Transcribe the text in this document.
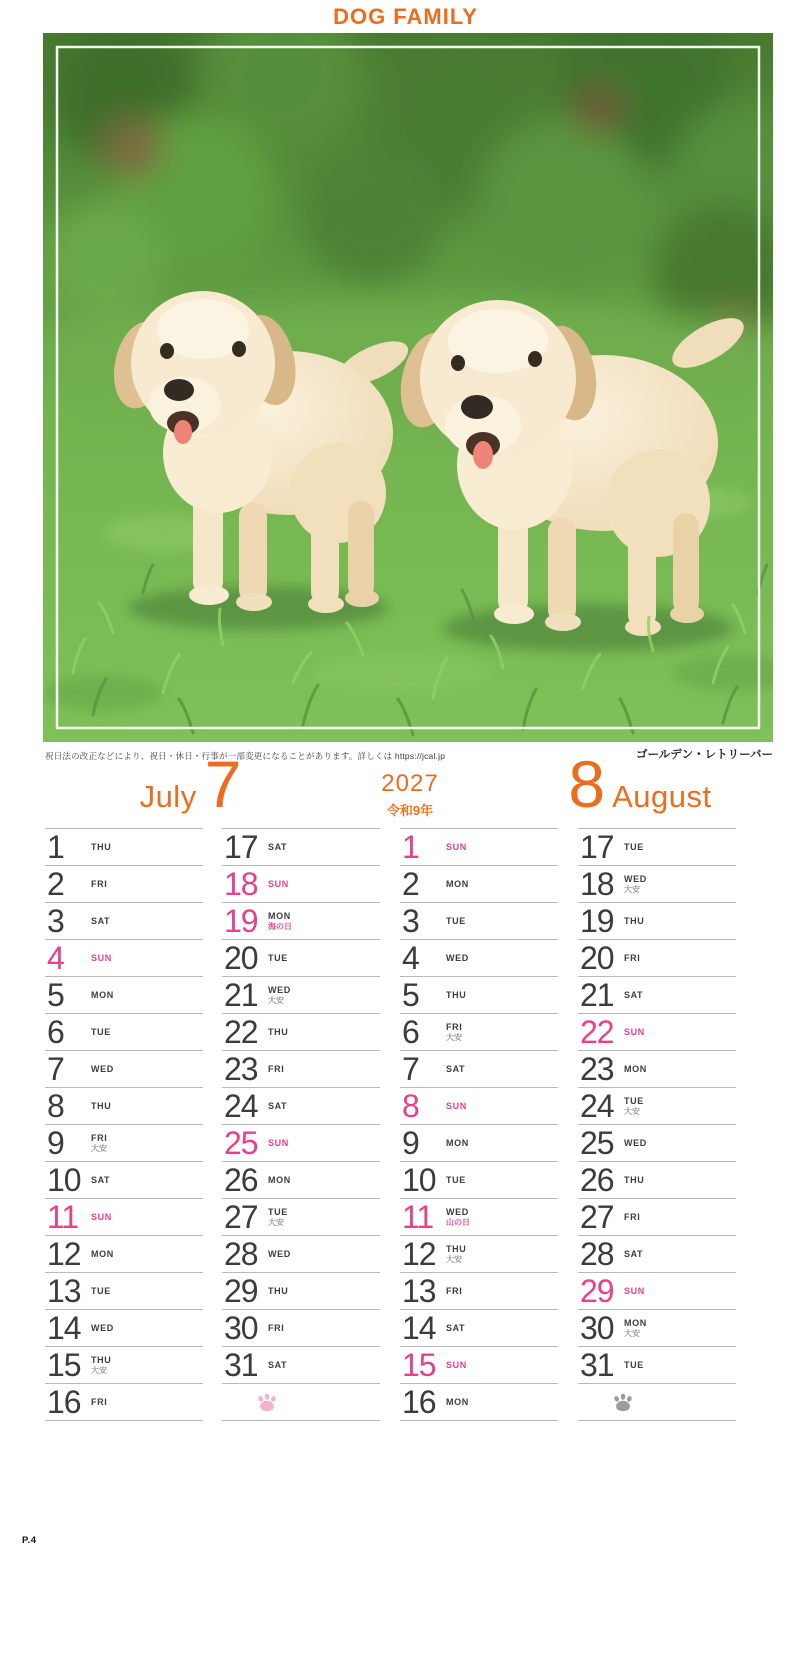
DOG FAMILY
祝日法の改正などにより、祝日・休日・行事が一部変更になることがあります。詳しくは https://jcal.jp	ゴールデン・レトリーバー
July 7	2027
令和9年	8 August
1	THU
2	FRI
3	SAT
4	SUN
5	MON
6	TUE
7	WED
8	THU
9	FRI
大安
10	SAT
11	SUN
12	MON
13	TUE
14	WED
15	THU
大安
16	FRI
17	SAT
18	SUN
19	MON
海の日
20	TUE
21	WED
大安
22	THU
23	FRI
24	SAT
25	SUN
26	MON
27	TUE
大安
28	WED
29	THU
30	FRI
31	SAT
1	SUN
2	MON
3	TUE
4	WED
5	THU
6	FRI
大安
7	SAT
8	SUN
9	MON
10	TUE
11	WED
山の日
12	THU
大安
13	FRI
14	SAT
15	SUN
16	MON
17	TUE
18	WED
大安
19	THU
20	FRI
21	SAT
22	SUN
23	MON
24	TUE
大安
25	WED
26	THU
27	FRI
28	SAT
29	SUN
30	MON
大安
31	TUE
P.4
